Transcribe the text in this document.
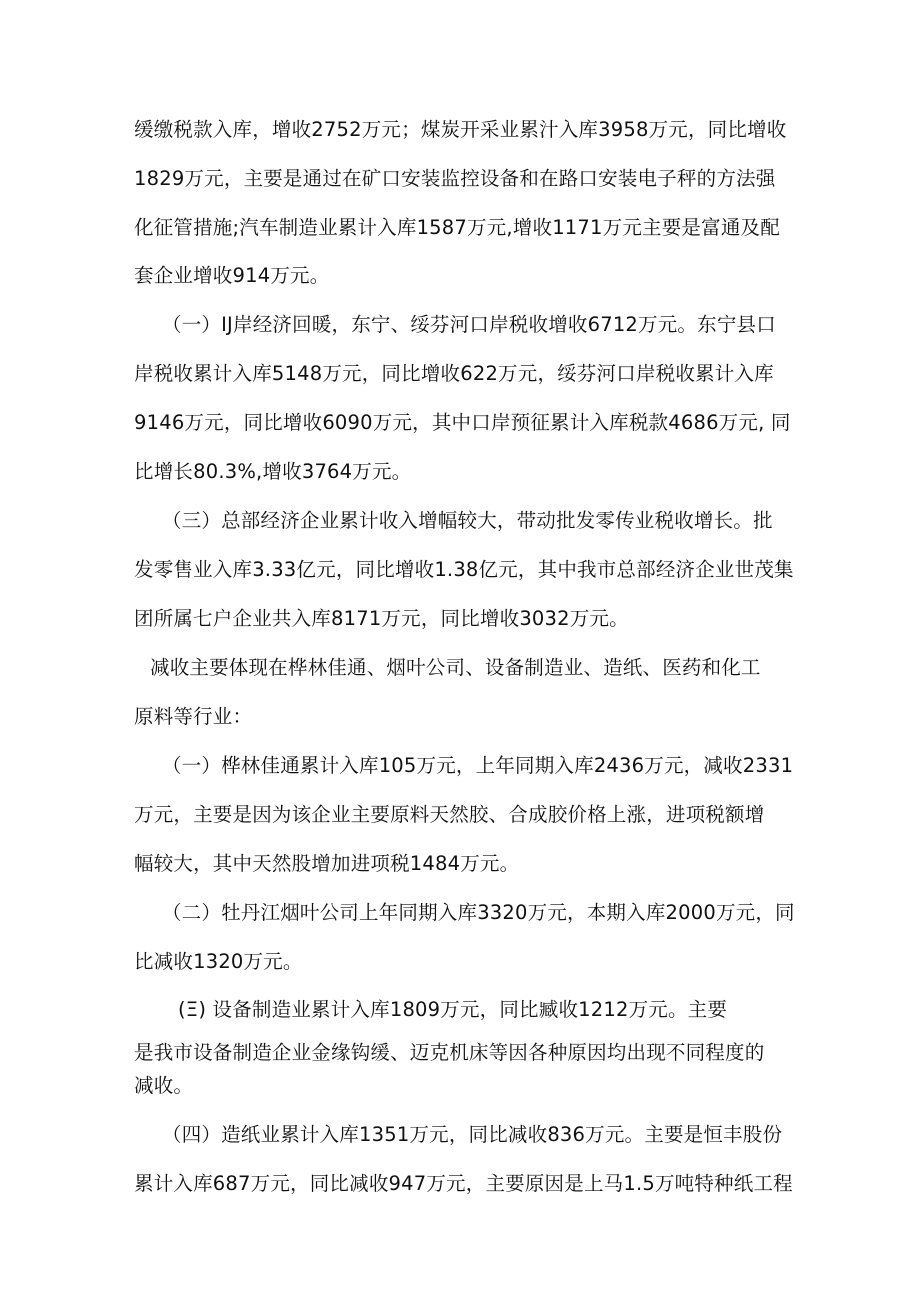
缓缴税款入库，增收2752万元；煤炭开采业累汁入库3958万元，同比增收
1829万元，主要是通过在矿口安装监控设备和在路口安装电子秤的方法强
化征管措施;汽车制造业累计入库1587万元,增收1171万元主要是富通及配
套企业增收914万元。
（一）IJ岸经济回暖，东宁、绥芬河口岸税收增收6712万元。东宁县口
岸税收累计入库5148万元，同比增收622万元，绥芬河口岸税收累计入库
9146万元，同比增收6090万元，其中口岸预征累计入库税款4686万元, 同
比增长80.3%,增收3764万元。
（三）总部经济企业累计收入增幅较大，带动批发零传业税收增长。批
发零售业入库3.33亿元，同比增收1.38亿元，其中我市总部经济企业世茂集
团所属七户企业共入库8171万元，同比增收3032万元。
减收主要体现在桦林佳通、烟叶公司、设备制造业、造纸、医药和化工
原料等行业：
（一）桦林佳通累计入库105万元，上年同期入库2436万元，减收2331
万元，主要是因为该企业主要原料天然胶、合成胶价格上涨，进项税额增
幅较大，其中天然股增加进项税1484万元。
（二）牡丹江烟叶公司上年同期入库3320万元，本期入库2000万元，同
比减收1320万元。
(Ξ) 设备制造业累计入库1809万元，同比臧收1212万元。主要
是我市设备制造企业金缘钩缓、迈克机床等因各种原因均出现不同程度的
减收。
（四）造纸业累计入库1351万元，同比减收836万元。主要是恒丰股份
累计入库687万元，同比减收947万元，主要原因是上马1.5万吨特种纸工程
